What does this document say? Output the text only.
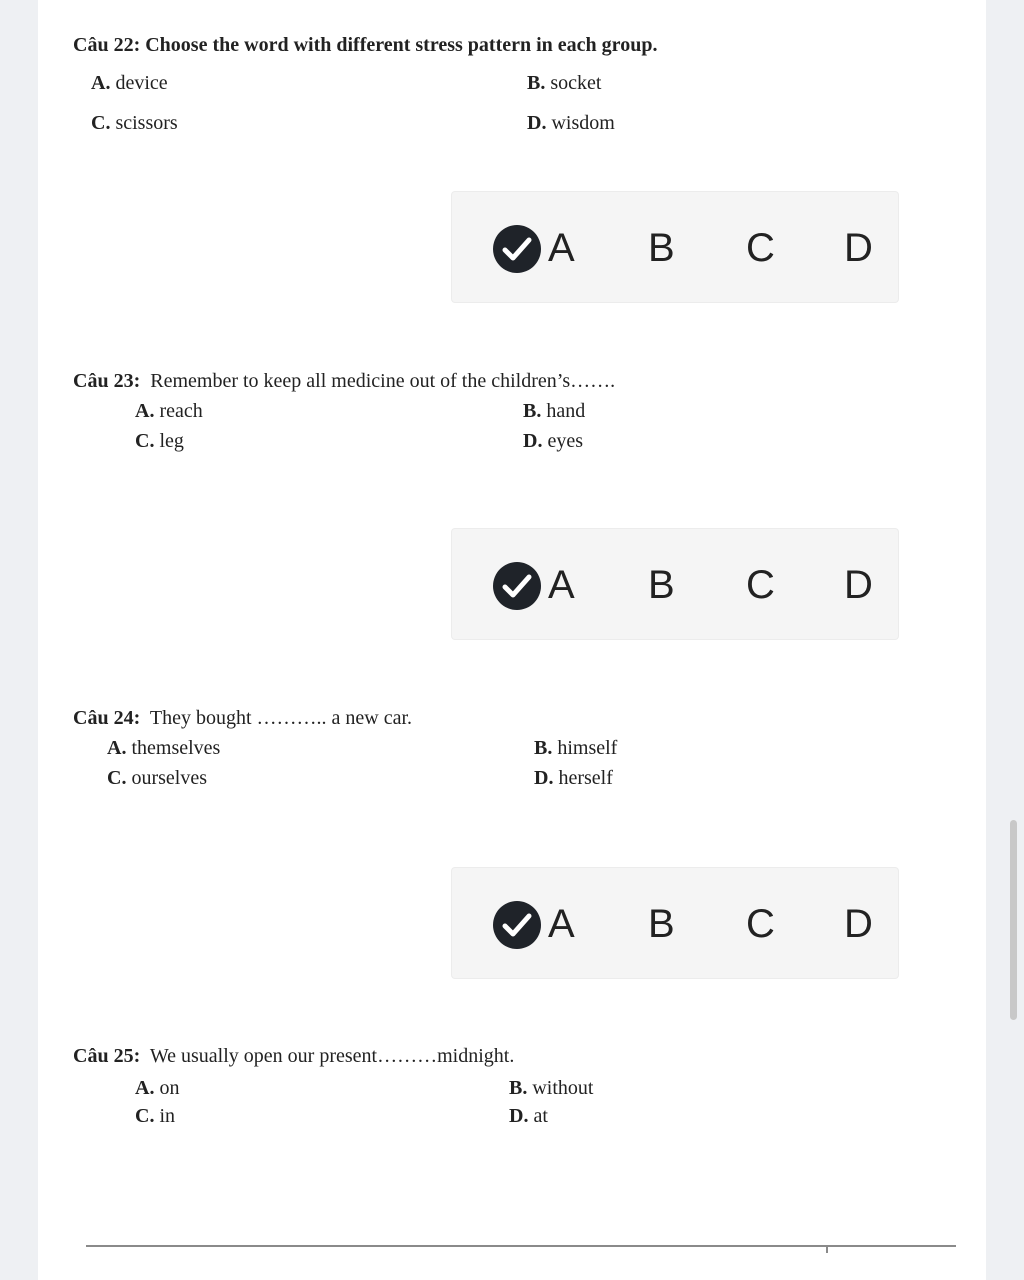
Câu 22: Choose the word with different stress pattern in each group.
A. device	B. socket
C. scissors	D. wisdom
A B C D
Câu 23:  Remember to keep all medicine out of the children’s…….
A. reach	B. hand
C. leg	D. eyes
A B C D
Câu 24:  They bought ……….. a new car.
A. themselves	B. himself
C. ourselves	D. herself
A B C D
Câu 25:  We usually open our present………midnight.
A. on	B. without
C. in	D. at
